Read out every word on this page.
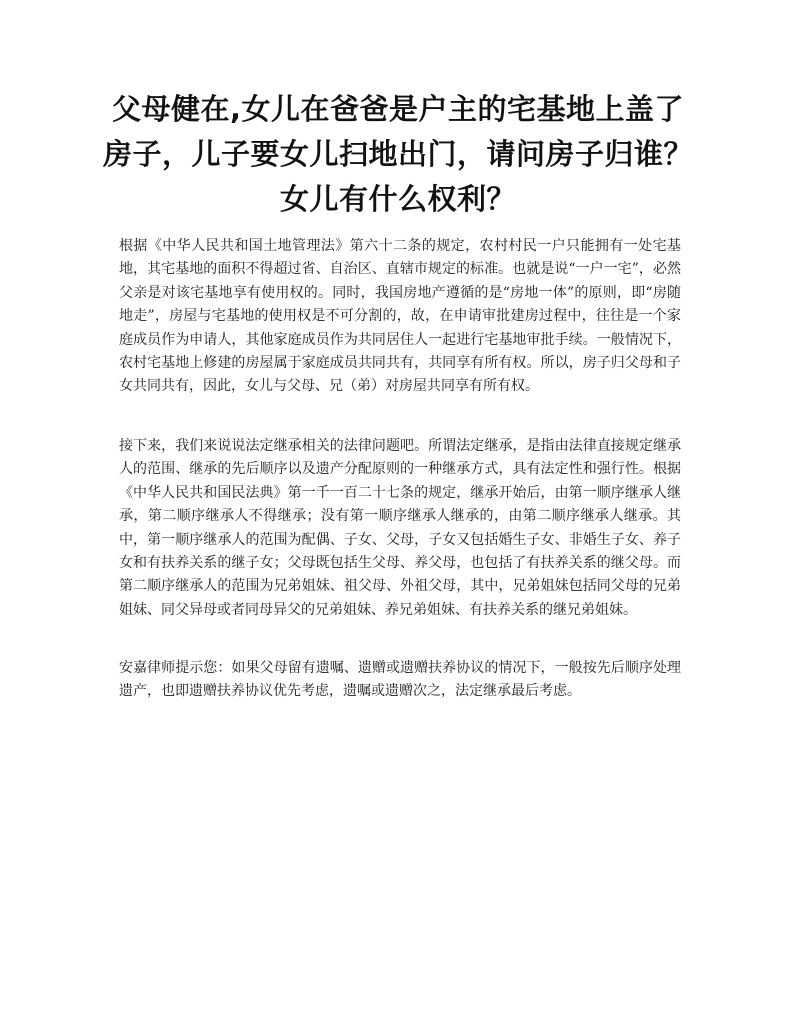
父母健在,女儿在爸爸是户主的宅基地上盖了房子，儿子要女儿扫地出门，请问房子归谁？女儿有什么权利？

根据《中华人民共和国土地管理法》第六十二条的规定，农村村民一户只能拥有一处宅基地，其宅基地的面积不得超过省、自治区、直辖市规定的标准。也就是说“一户一宅”，必然父亲是对该宅基地享有使用权的。同时，我国房地产遵循的是“房地一体”的原则，即“房随地走”，房屋与宅基地的使用权是不可分割的，故，在申请审批建房过程中，往往是一个家庭成员作为申请人，其他家庭成员作为共同居住人一起进行宅基地审批手续。一般情况下，农村宅基地上修建的房屋属于家庭成员共同共有，共同享有所有权。所以，房子归父母和子女共同共有，因此，女儿与父母、兄（弟）对房屋共同享有所有权。

接下来，我们来说说法定继承相关的法律问题吧。所谓法定继承，是指由法律直接规定继承人的范围、继承的先后顺序以及遗产分配原则的一种继承方式，具有法定性和强行性。根据《中华人民共和国民法典》第一千一百二十七条的规定，继承开始后，由第一顺序继承人继承，第二顺序继承人不得继承；没有第一顺序继承人继承的，由第二顺序继承人继承。其中，第一顺序继承人的范围为配偶、子女、父母，子女又包括婚生子女、非婚生子女、养子女和有扶养关系的继子女；父母既包括生父母、养父母，也包括了有扶养关系的继父母。而第二顺序继承人的范围为兄弟姐妹、祖父母、外祖父母，其中，兄弟姐妹包括同父母的兄弟姐妹、同父异母或者同母异父的兄弟姐妹、养兄弟姐妹、有扶养关系的继兄弟姐妹。

安嘉律师提示您：如果父母留有遗嘱、遗赠或遗赠扶养协议的情况下，一般按先后顺序处理遗产，也即遗赠扶养协议优先考虑，遗嘱或遗赠次之，法定继承最后考虑。
